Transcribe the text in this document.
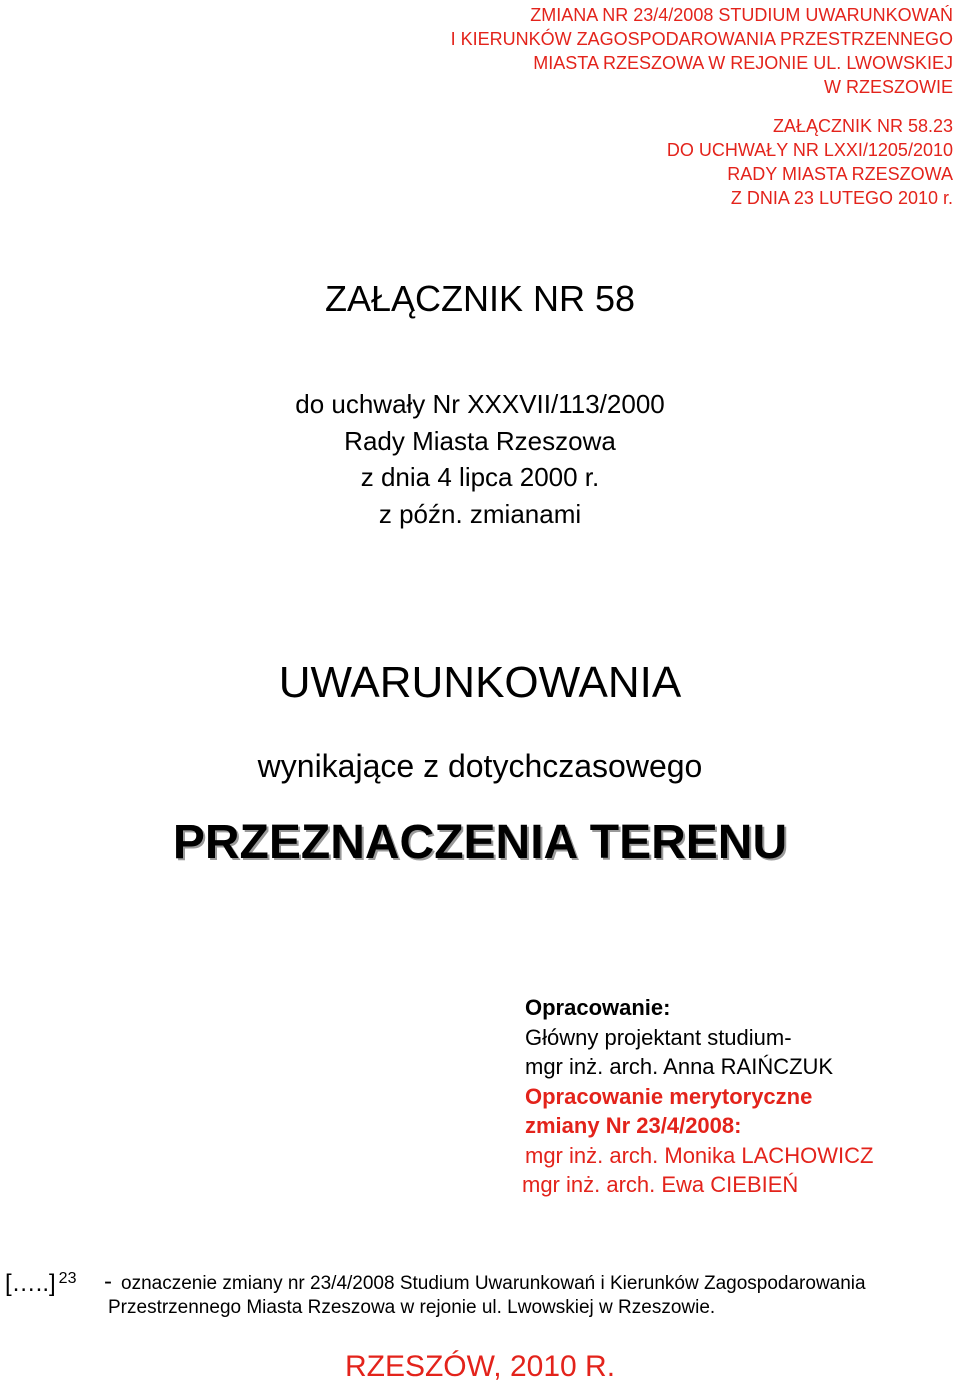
ZMIANA NR 23/4/2008 STUDIUM UWARUNKOWAŃ
I KIERUNKÓW ZAGOSPODAROWANIA PRZESTRZENNEGO
MIASTA RZESZOWA W REJONIE UL. LWOWSKIEJ
W RZESZOWIE
ZAŁĄCZNIK NR 58.23
DO UCHWAŁY NR LXXI/1205/2010
RADY MIASTA RZESZOWA
Z DNIA 23 LUTEGO 2010 r.
ZAŁĄCZNIK NR 58
do uchwały Nr XXXVII/113/2000
Rady Miasta Rzeszowa
z dnia 4 lipca 2000 r.
z późn. zmianami
UWARUNKOWANIA
wynikające z dotychczasowego
PRZEZNACZENIA TERENU
Opracowanie:
Główny projektant studium-
mgr inż. arch. Anna RAIŃCZUK
Opracowanie merytoryczne
zmiany Nr 23/4/2008:
mgr inż. arch. Monika LACHOWICZ
mgr inż. arch. Ewa CIEBIEŃ
[…..] $^{23}$ - oznaczenie zmiany nr 23/4/2008 Studium Uwarunkowań i Kierunków Zagospodarowania
Przestrzennego Miasta Rzeszowa w rejonie ul. Lwowskiej w Rzeszowie.
RZESZÓW, 2010 R.
